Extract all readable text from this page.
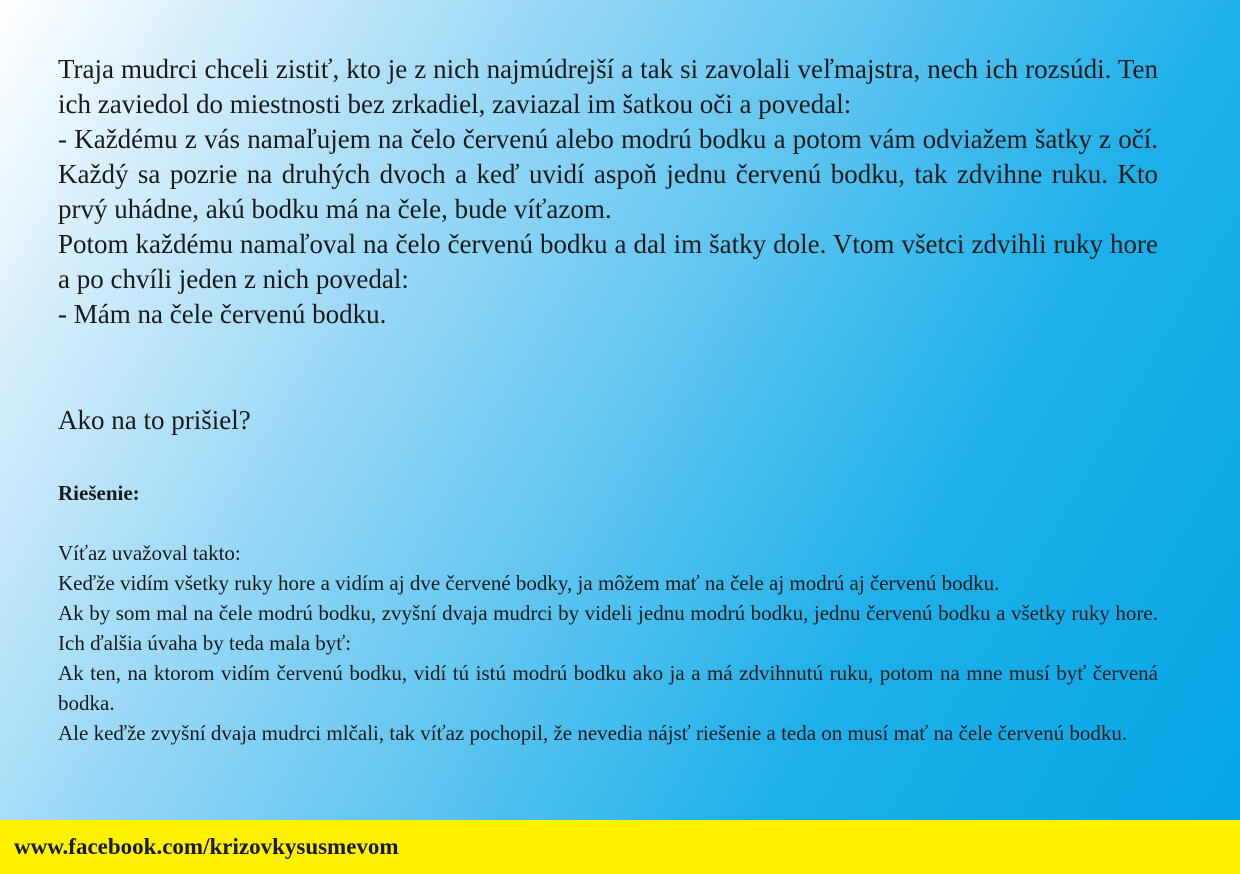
Traja mudrci chceli zistiť, kto je z nich najmúdrejší a tak si zavolali veľmajstra, nech ich rozsúdi. Ten ich zaviedol do miestnosti bez zrkadiel, zaviazal im šatkou oči a povedal:

- Každému z vás namaľujem na čelo červenú alebo modrú bodku a potom vám odviažem šatky z očí. Každý sa pozrie na druhých dvoch a keď uvidí aspoň jednu červenú bodku, tak zdvihne ruku. Kto prvý uhádne, akú bodku má na čele, bude víťazom.

Potom každému namaľoval na čelo červenú bodku a dal im šatky dole. Vtom všetci zdvihli ruky hore a po chvíli jeden z nich povedal:

- Mám na čele červenú bodku.

Ako na to prišiel?
Riešenie:

Víťaz uvažoval takto:

Keďže vidím všetky ruky hore a vidím aj dve červené bodky, ja môžem mať na čele aj modrú aj červenú bodku.

Ak by som mal na čele modrú bodku, zvyšní dvaja mudrci by videli jednu modrú bodku, jednu červenú bodku a všetky ruky hore. Ich ďalšia úvaha by teda mala byť:

Ak ten, na ktorom vidím červenú bodku, vidí tú istú modrú bodku ako ja a má zdvihnutú ruku, potom na mne musí byť červená bodka.

Ale keďže zvyšní dvaja mudrci mlčali, tak víťaz pochopil, že nevedia nájsť riešenie a teda on musí mať na čele červenú bodku.

www.facebook.com/krizovkysusmevom
